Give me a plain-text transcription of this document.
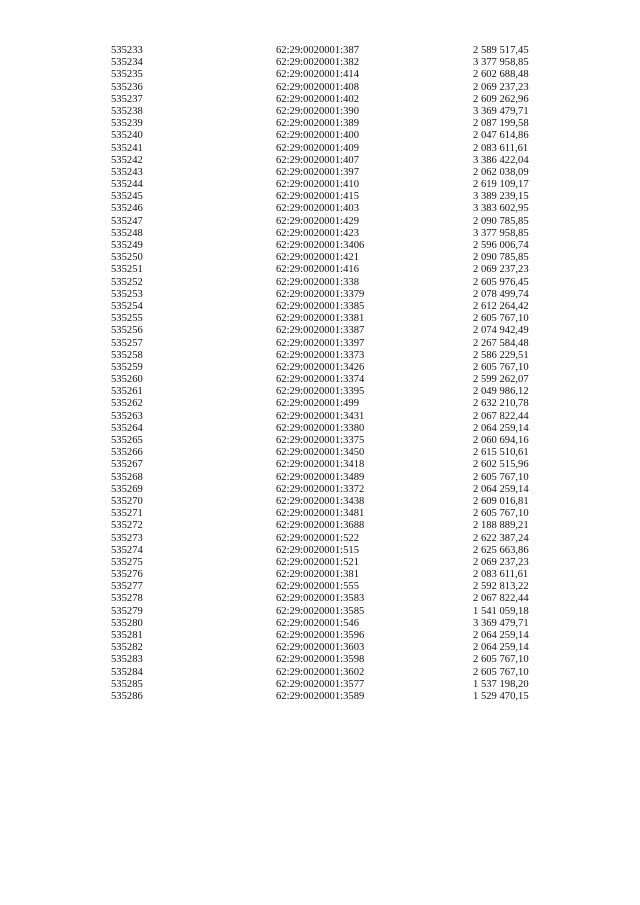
535233	62:29:0020001:387	2 589 517,45
535234	62:29:0020001:382	3 377 958,85
535235	62:29:0020001:414	2 602 688,48
535236	62:29:0020001:408	2 069 237,23
535237	62:29:0020001:402	2 609 262,96
535238	62:29:0020001:390	3 369 479,71
535239	62:29:0020001:389	2 087 199,58
535240	62:29:0020001:400	2 047 614,86
535241	62:29:0020001:409	2 083 611,61
535242	62:29:0020001:407	3 386 422,04
535243	62:29:0020001:397	2 062 038,09
535244	62:29:0020001:410	2 619 109,17
535245	62:29:0020001:415	3 389 239,15
535246	62:29:0020001:403	3 383 602,95
535247	62:29:0020001:429	2 090 785,85
535248	62:29:0020001:423	3 377 958,85
535249	62:29:0020001:3406	2 596 006,74
535250	62:29:0020001:421	2 090 785,85
535251	62:29:0020001:416	2 069 237,23
535252	62:29:0020001:338	2 605 976,45
535253	62:29:0020001:3379	2 078 499,74
535254	62:29:0020001:3385	2 612 264,42
535255	62:29:0020001:3381	2 605 767,10
535256	62:29:0020001:3387	2 074 942,49
535257	62:29:0020001:3397	2 267 584,48
535258	62:29:0020001:3373	2 586 229,51
535259	62:29:0020001:3426	2 605 767,10
535260	62:29:0020001:3374	2 599 262,07
535261	62:29:0020001:3395	2 049 986,12
535262	62:29:0020001:499	2 632 210,78
535263	62:29:0020001:3431	2 067 822,44
535264	62:29:0020001:3380	2 064 259,14
535265	62:29:0020001:3375	2 060 694,16
535266	62:29:0020001:3450	2 615 510,61
535267	62:29:0020001:3418	2 602 515,96
535268	62:29:0020001:3489	2 605 767,10
535269	62:29:0020001:3372	2 064 259,14
535270	62:29:0020001:3438	2 609 016,81
535271	62:29:0020001:3481	2 605 767,10
535272	62:29:0020001:3688	2 188 889,21
535273	62:29:0020001:522	2 622 387,24
535274	62:29:0020001:515	2 625 663,86
535275	62:29:0020001:521	2 069 237,23
535276	62:29:0020001:381	2 083 611,61
535277	62:29:0020001:555	2 592 813,22
535278	62:29:0020001:3583	2 067 822,44
535279	62:29:0020001:3585	1 541 059,18
535280	62:29:0020001:546	3 369 479,71
535281	62:29:0020001:3596	2 064 259,14
535282	62:29:0020001:3603	2 064 259,14
535283	62:29:0020001:3598	2 605 767,10
535284	62:29:0020001:3602	2 605 767,10
535285	62:29:0020001:3577	1 537 198,20
535286	62:29:0020001:3589	1 529 470,15
